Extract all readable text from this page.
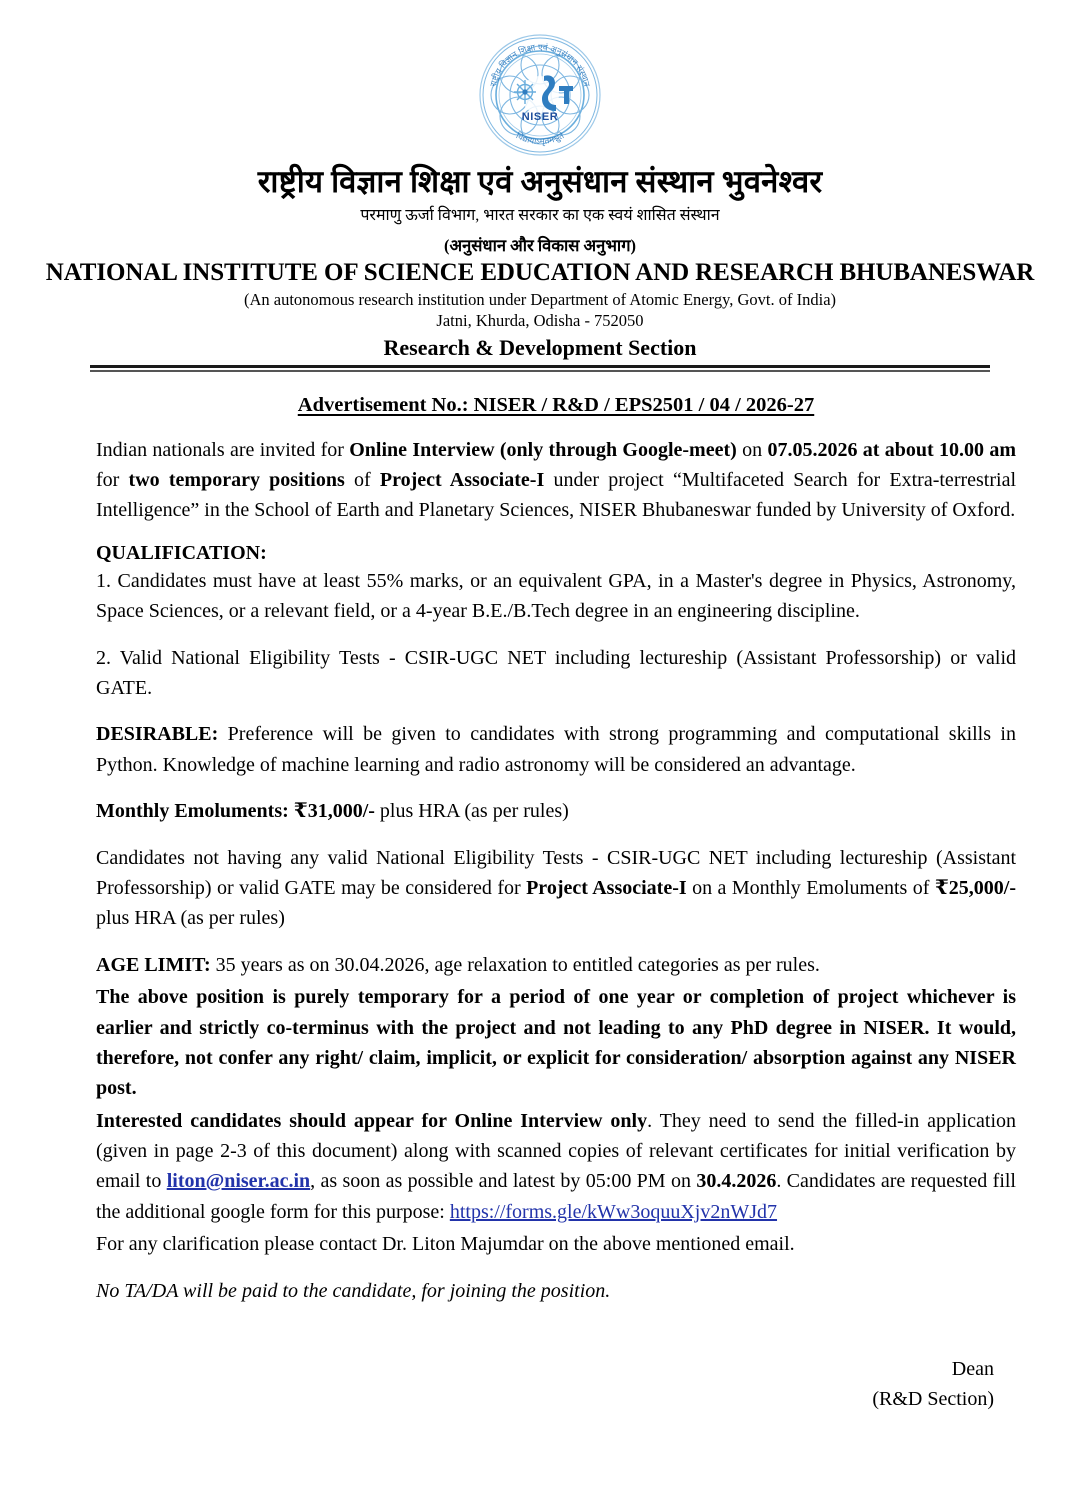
NISER
राष्ट्रीय विज्ञान शिक्षा एवं अनुसंधान संस्थान
विद्यायाऽमृतमश्नुते
राष्ट्रीय विज्ञान शिक्षा एवं अनुसंधान संस्थान भुवनेश्वर
परमाणु ऊर्जा विभाग, भारत सरकार का एक स्वयं शासित संस्थान
(अनुसंधान और विकास अनुभाग)
NATIONAL INSTITUTE OF SCIENCE EDUCATION AND RESEARCH BHUBANESWAR
(An autonomous research institution under Department of Atomic Energy, Govt. of India)
Jatni, Khurda, Odisha - 752050
Research & Development Section
Advertisement No.: NISER / R&D / EPS2501 / 04 / 2026-27

Indian nationals are invited for Online Interview (only through Google-meet) on 07.05.2026 at about 10.00 am for two temporary positions of Project Associate-I under project “Multifaceted Search for Extra-terrestrial Intelligence” in the School of Earth and Planetary Sciences, NISER Bhubaneswar funded by University of Oxford.

QUALIFICATION:

1. Candidates must have at least 55% marks, or an equivalent GPA, in a Master's degree in Physics, Astronomy, Space Sciences, or a relevant field, or a 4-year B.E./B.Tech degree in an engineering discipline.

2. Valid National Eligibility Tests - CSIR-UGC NET including lectureship (Assistant Professorship) or valid GATE.

DESIRABLE: Preference will be given to candidates with strong programming and computational skills in Python. Knowledge of machine learning and radio astronomy will be considered an advantage.

Monthly Emoluments: ₹31,000/- plus HRA (as per rules)

Candidates not having any valid National Eligibility Tests - CSIR-UGC NET including lectureship (Assistant Professorship) or valid GATE may be considered for Project Associate-I on a Monthly Emoluments of ₹25,000/- plus HRA (as per rules)

AGE LIMIT: 35 years as on 30.04.2026, age relaxation to entitled categories as per rules.

The above position is purely temporary for a period of one year or completion of project whichever is earlier and strictly co-terminus with the project and not leading to any PhD degree in NISER. It would, therefore, not confer any right/ claim, implicit, or explicit for consideration/ absorption against any NISER post.

Interested candidates should appear for Online Interview only. They need to send the filled-in application (given in page 2-3 of this document) along with scanned copies of relevant certificates for initial verification by email to liton@niser.ac.in, as soon as possible and latest by 05:00 PM on 30.4.2026. Candidates are requested fill the additional google form for this purpose: https://forms.gle/kWw3oquuXjv2nWJd7

For any clarification please contact Dr. Liton Majumdar on the above mentioned email.

No TA/DA will be paid to the candidate, for joining the position.

Dean
(R&D Section)
